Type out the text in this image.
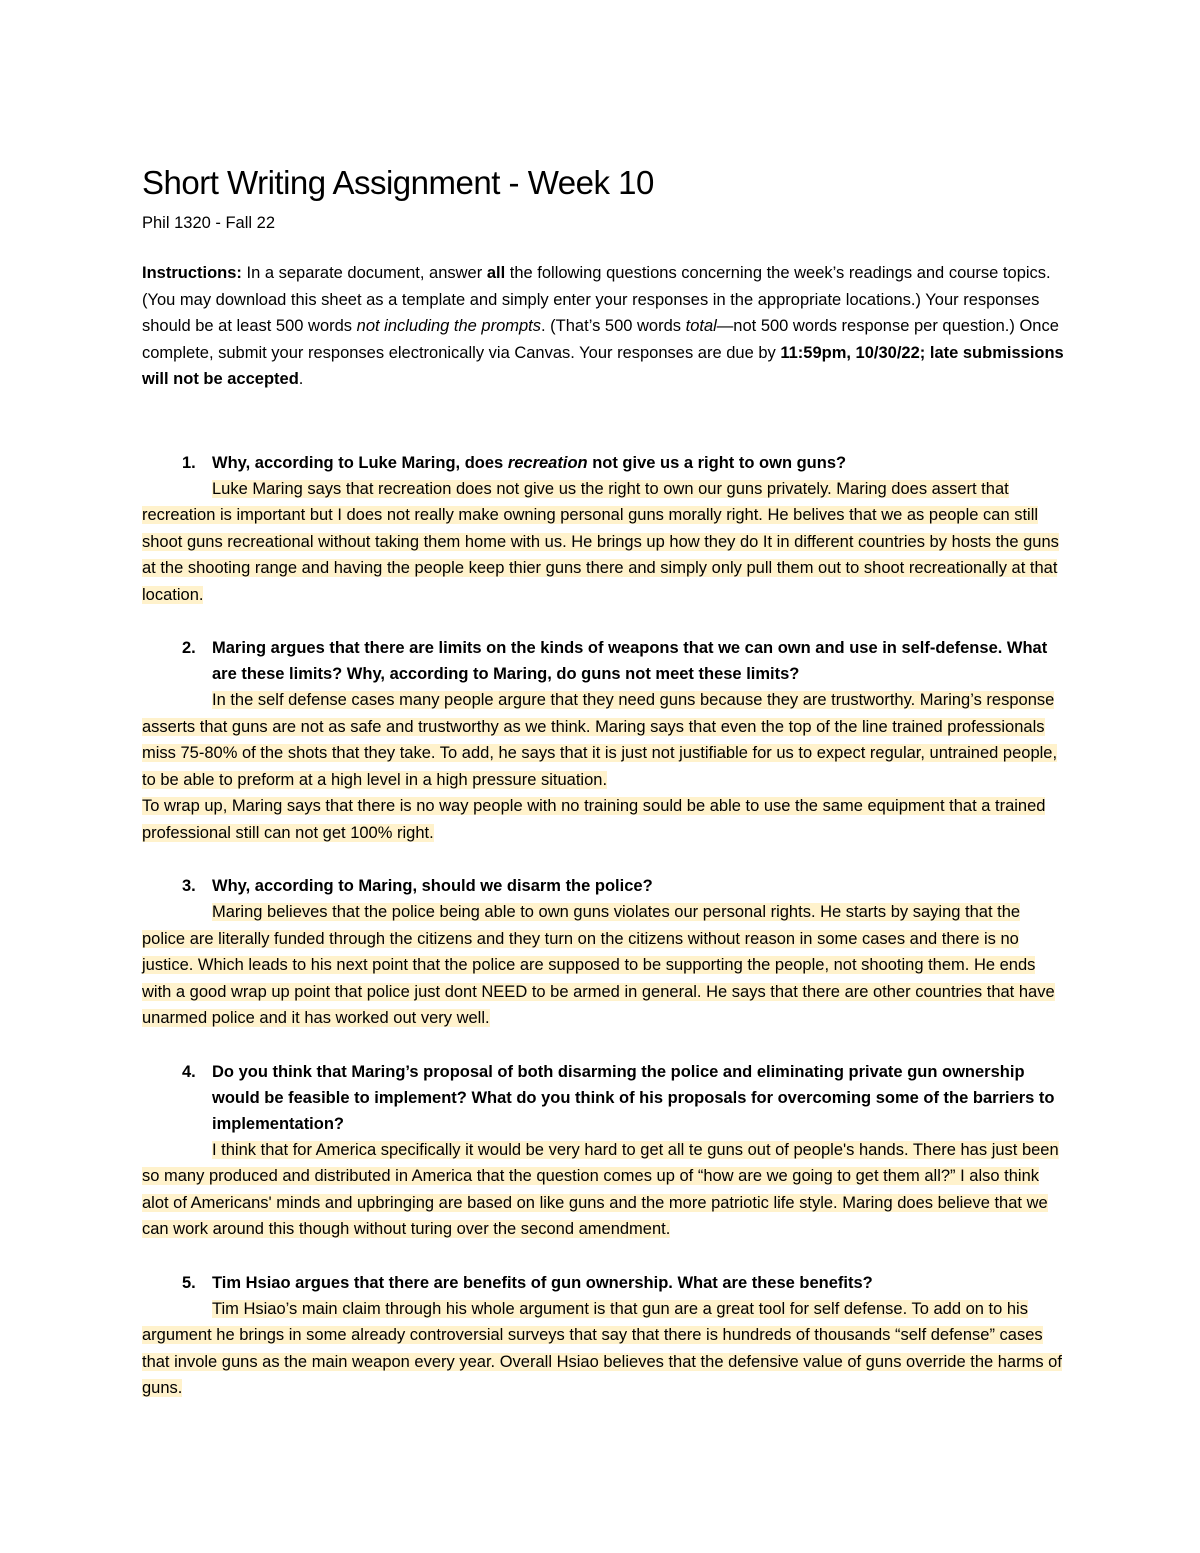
Short Writing Assignment - Week 10
Phil 1320 - Fall 22

Instructions: In a separate document, answer all the following questions concerning the week’s readings and course topics. (You may download this sheet as a template and simply enter your responses in the appropriate locations.) Your responses should be at least 500 words not including the prompts. (That’s 500 words total—not 500 words response per question.) Once complete, submit your responses electronically via Canvas. Your responses are due by 11:59pm, 10/30/22; late submissions will not be accepted.

1. Why, according to Luke Maring, does recreation not give us a right to own guns?

Luke Maring says that recreation does not give us the right to own our guns privately. Maring does assert that recreation is important but I does not really make owning personal guns morally right. He belives that we as people can still shoot guns recreational without taking them home with us. He brings up how they do It in different countries by hosts the guns at the shooting range and having the people keep thier guns there and simply only pull them out to shoot recreationally at that location.

2. Maring argues that there are limits on the kinds of weapons that we can own and use in self-defense. What are these limits? Why, according to Maring, do guns not meet these limits?

In the self defense cases many people argure that they need guns because they are trustworthy. Maring’s response asserts that guns are not as safe and trustworthy as we think. Maring says that even the top of the line trained professionals miss 75-80% of the shots that they take. To add, he says that it is just not justifiable for us to expect regular, untrained people, to be able to preform at a high level in a high pressure situation.

To wrap up, Maring says that there is no way people with no training sould be able to use the same equipment that a trained professional still can not get 100% right.

3. Why, according to Maring, should we disarm the police?

Maring believes that the police being able to own guns violates our personal rights. He starts by saying that the police are literally funded through the citizens and they turn on the citizens without reason in some cases and there is no justice. Which leads to his next point that the police are supposed to be supporting the people, not shooting them. He ends with a good wrap up point that police just dont NEED to be armed in general. He says that there are other countries that have unarmed police and it has worked out very well.

4. Do you think that Maring’s proposal of both disarming the police and eliminating private gun ownership would be feasible to implement? What do you think of his proposals for overcoming some of the barriers to implementation?

I think that for America specifically it would be very hard to get all te guns out of people's hands. There has just been so many produced and distributed in America that the question comes up of “how are we going to get them all?” I also think alot of Americans' minds and upbringing are based on like guns and the more patriotic life style. Maring does believe that we can work around this though without turing over the second amendment.

5. Tim Hsiao argues that there are benefits of gun ownership. What are these benefits?

Tim Hsiao’s main claim through his whole argument is that gun are a great tool for self defense. To add on to his argument he brings in some already controversial surveys that say that there is hundreds of thousands “self defense” cases that invole guns as the main weapon every year. Overall Hsiao believes that the defensive value of guns override the harms of guns.
